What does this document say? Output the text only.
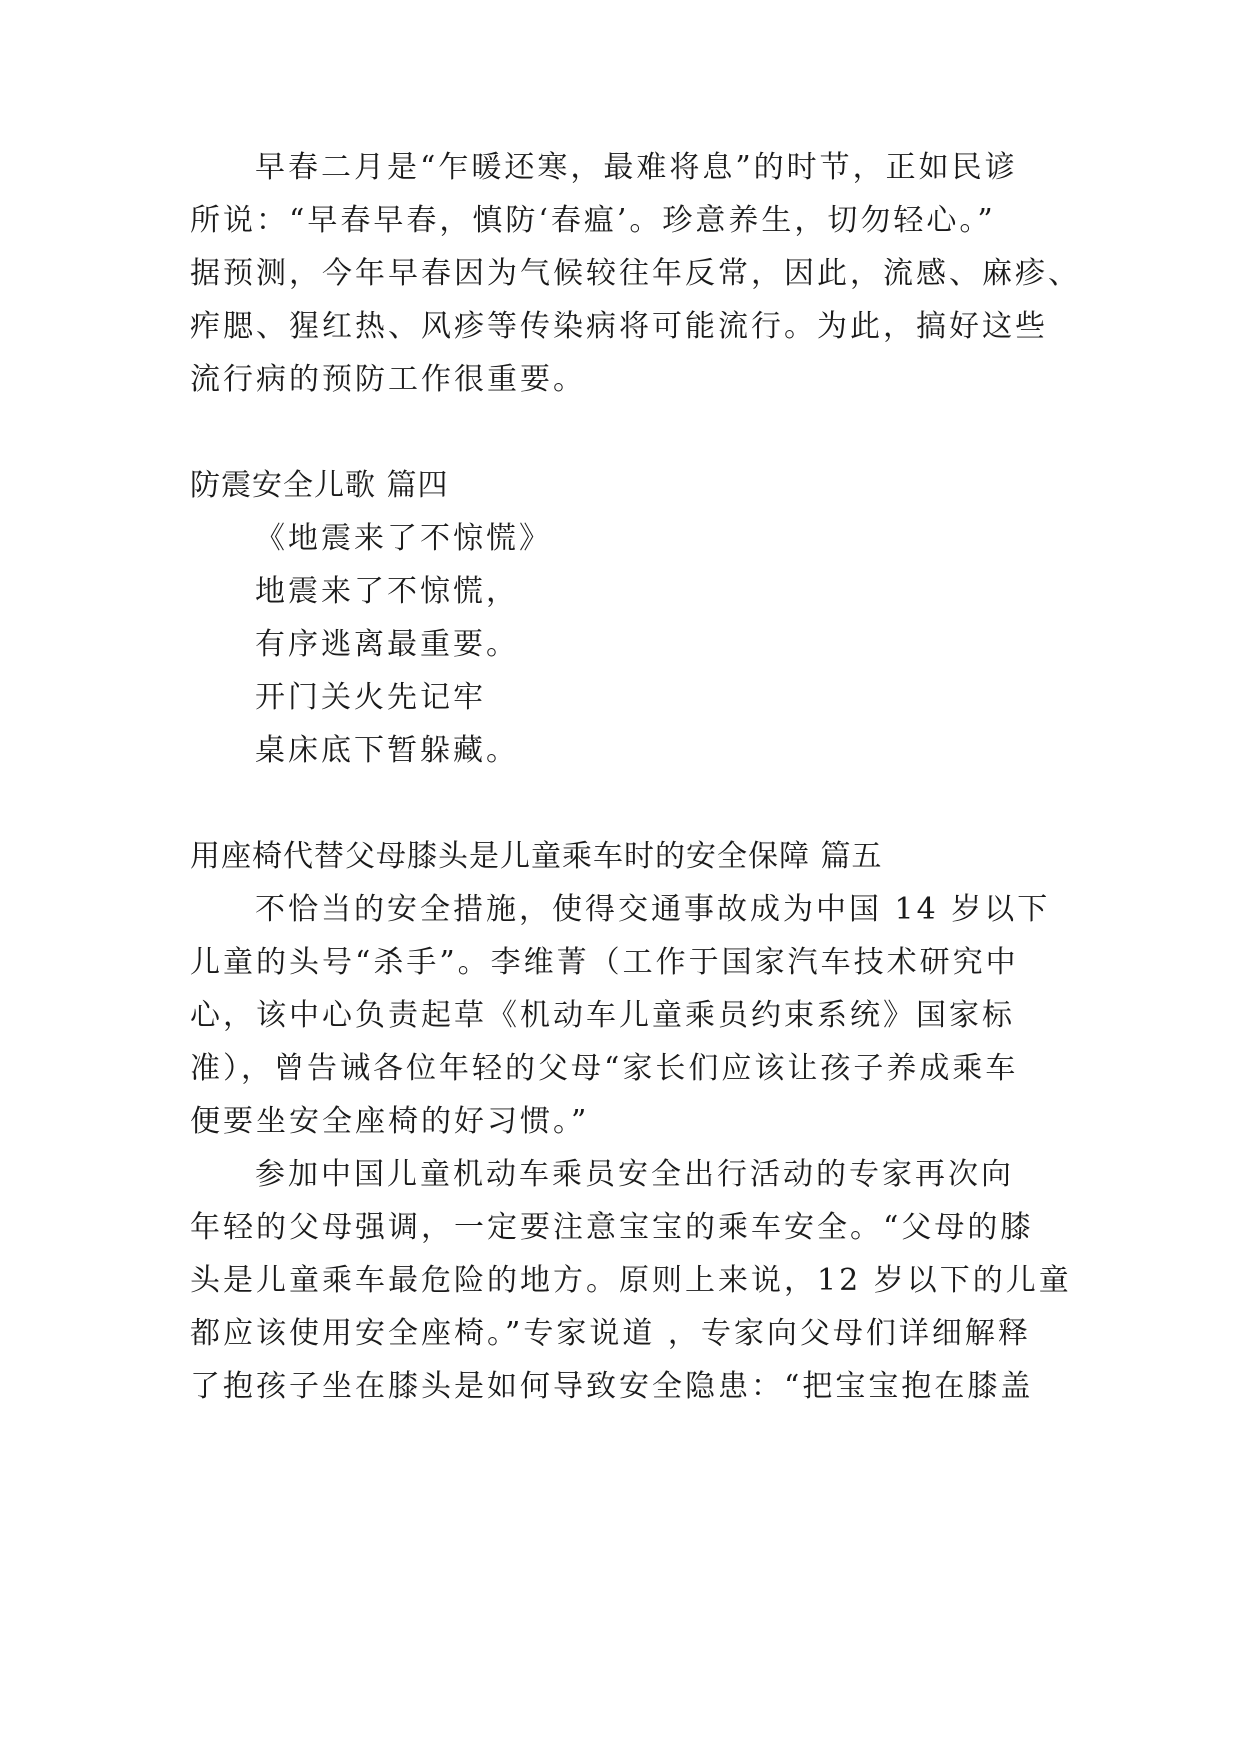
早春二月是“乍暖还寒，最难将息”的时节，正如民谚
所说：“早春早春，慎防‘春瘟’。珍意养生，切勿轻心。”
据预测，今年早春因为气候较往年反常，因此，流感、麻疹、
痄腮、猩红热、风疹等传染病将可能流行。为此，搞好这些
流行病的预防工作很重要。
防震安全儿歌 篇四
《地震来了不惊慌》
地震来了不惊慌，
有序逃离最重要。
开门关火先记牢
桌床底下暂躲藏。
用座椅代替父母膝头是儿童乘车时的安全保障 篇五
不恰当的安全措施，使得交通事故成为中国 14 岁以下
儿童的头号“杀手”。李维菁（工作于国家汽车技术研究中
心，该中心负责起草《机动车儿童乘员约束系统》国家标
准），曾告诫各位年轻的父母“家长们应该让孩子养成乘车
便要坐安全座椅的好习惯。”
参加中国儿童机动车乘员安全出行活动的专家再次向
年轻的父母强调，一定要注意宝宝的乘车安全。“父母的膝
头是儿童乘车最危险的地方。原则上来说，12 岁以下的儿童
都应该使用安全座椅。”专家说道 ，专家向父母们详细解释
了抱孩子坐在膝头是如何导致安全隐患：“把宝宝抱在膝盖
